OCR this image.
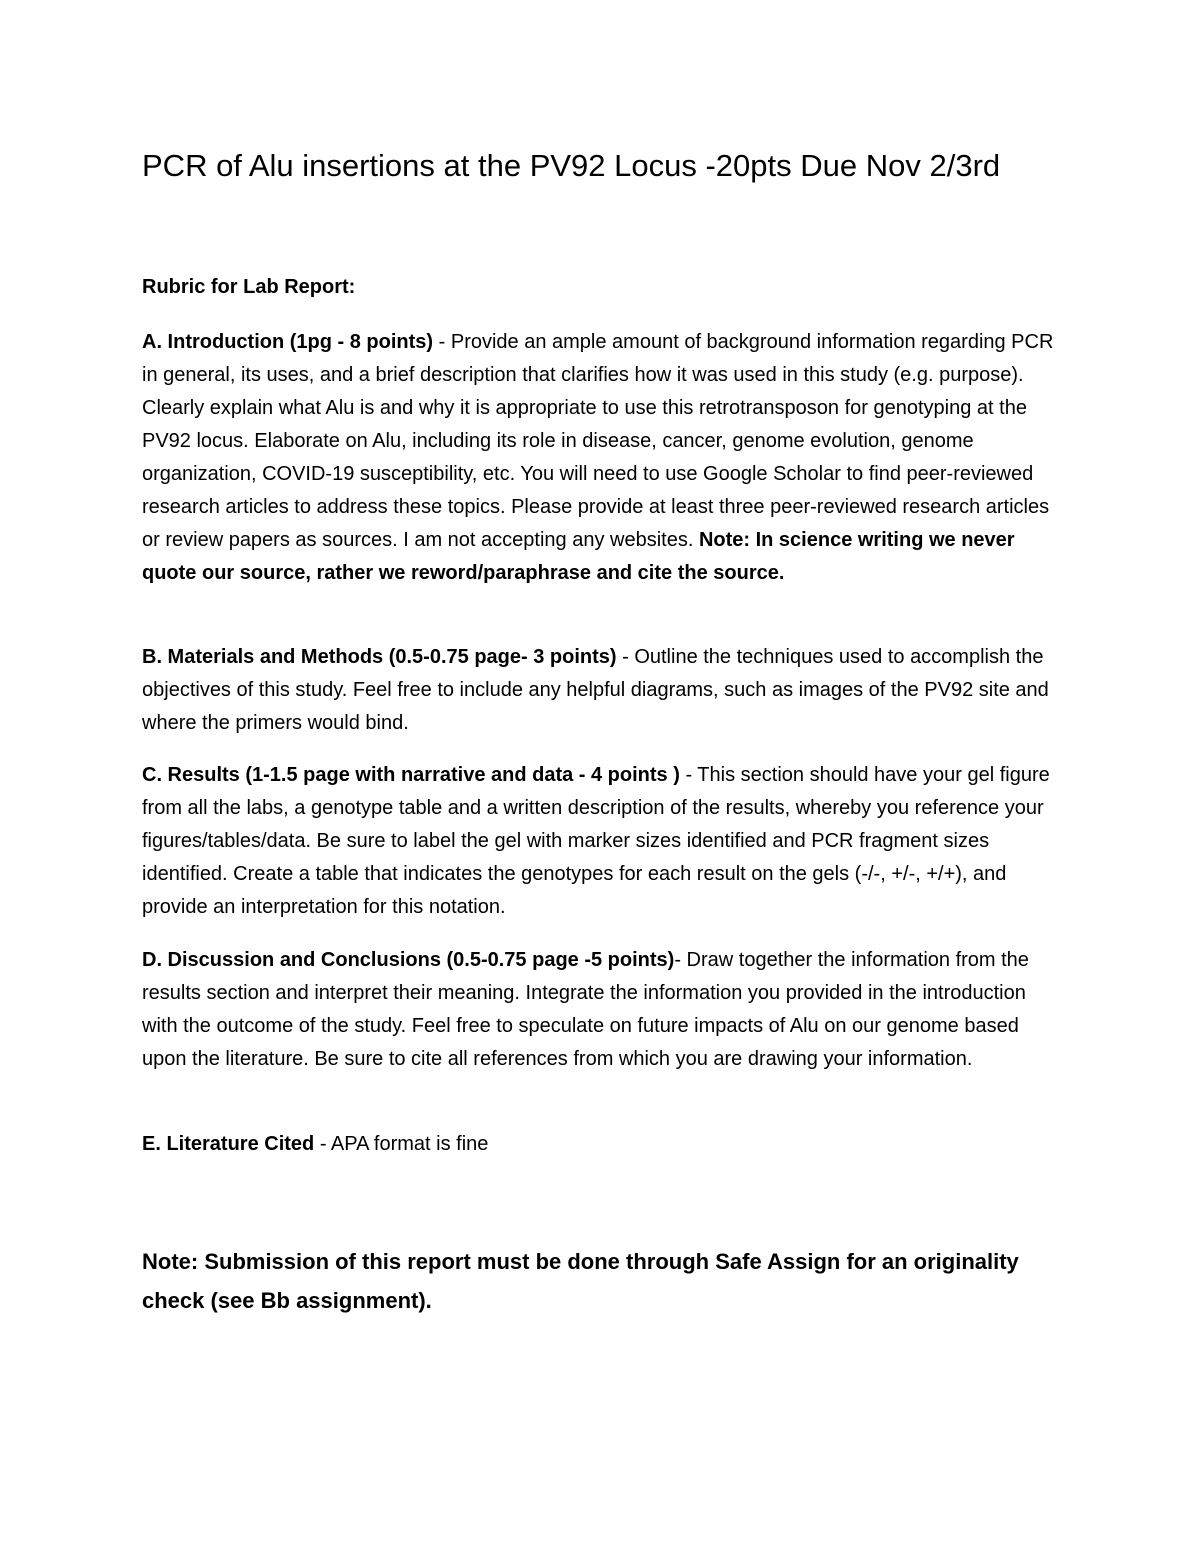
PCR of Alu insertions at the PV92 Locus -20pts Due Nov 2/3rd
Rubric for Lab Report:

A. Introduction (1pg - 8 points) - Provide an ample amount of background information regarding PCR in general, its uses, and a brief description that clarifies how it was used in this study (e.g. purpose). Clearly explain what Alu is and why it is appropriate to use this retrotransposon for genotyping at the PV92 locus. Elaborate on Alu, including its role in disease, cancer, genome evolution, genome organization, COVID-19 susceptibility, etc. You will need to use Google Scholar to find peer-reviewed research articles to address these topics. Please provide at least three peer-reviewed research articles or review papers as sources. I am not accepting any websites. Note: In science writing we never quote our source, rather we reword/paraphrase and cite the source.

B. Materials and Methods (0.5-0.75 page- 3 points) - Outline the techniques used to accomplish the objectives of this study. Feel free to include any helpful diagrams, such as images of the PV92 site and where the primers would bind.

C. Results (1-1.5 page with narrative and data - 4 points ) - This section should have your gel figure from all the labs, a genotype table and a written description of the results, whereby you reference your figures/tables/data. Be sure to label the gel with marker sizes identified and PCR fragment sizes identified. Create a table that indicates the genotypes for each result on the gels (-/-, +/-, +/+), and provide an interpretation for this notation.

D. Discussion and Conclusions (0.5-0.75 page -5 points)- Draw together the information from the results section and interpret their meaning. Integrate the information you provided in the introduction with the outcome of the study. Feel free to speculate on future impacts of Alu on our genome based upon the literature. Be sure to cite all references from which you are drawing your information.

E. Literature Cited - APA format is fine

Note: Submission of this report must be done through Safe Assign for an originality check (see Bb assignment).
